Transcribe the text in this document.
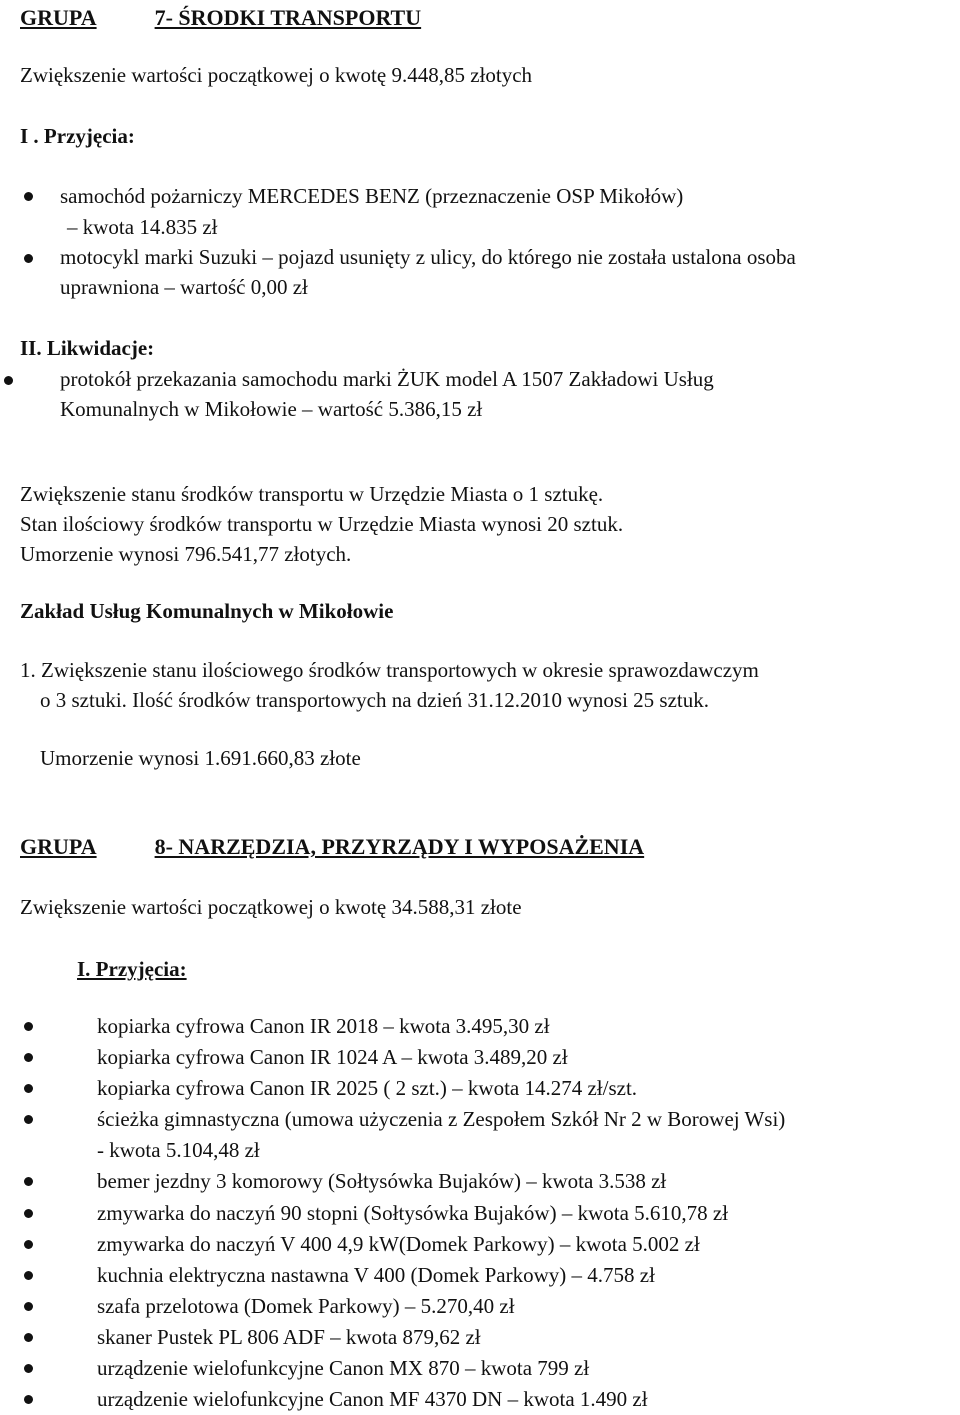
GRUPA	7- ŚRODKI TRANSPORTU
Zwiększenie wartości początkowej o kwotę 9.448,85 złotych
I . Przyjęcia:
samochód pożarniczy MERCEDES BENZ (przeznaczenie OSP Mikołów)
– kwota 14.835 zł
motocykl marki Suzuki – pojazd usunięty z ulicy, do którego nie została ustalona osoba
uprawniona – wartość 0,00 zł
II. Likwidacje:
protokół przekazania samochodu marki ŻUK model A 1507 Zakładowi Usług
Komunalnych w Mikołowie – wartość 5.386,15 zł
Zwiększenie stanu środków transportu w Urzędzie Miasta o 1 sztukę.
Stan ilościowy środków transportu w Urzędzie Miasta wynosi 20 sztuk.
Umorzenie wynosi 796.541,77 złotych.
Zakład Usług Komunalnych w Mikołowie
1. Zwiększenie stanu ilościowego środków transportowych w okresie sprawozdawczym
o 3 sztuki. Ilość środków transportowych na dzień 31.12.2010 wynosi 25 sztuk.
Umorzenie wynosi 1.691.660,83 złote
GRUPA	8- NARZĘDZIA, PRZYRZĄDY I WYPOSAŻENIA
Zwiększenie wartości początkowej o kwotę 34.588,31 złote
I. Przyjęcia:
kopiarka cyfrowa Canon IR 2018 – kwota 3.495,30 zł
kopiarka cyfrowa Canon IR 1024 A – kwota 3.489,20 zł
kopiarka cyfrowa Canon IR 2025 ( 2 szt.) – kwota 14.274 zł/szt.
ścieżka gimnastyczna (umowa użyczenia z Zespołem Szkół Nr 2 w Borowej Wsi)
- kwota 5.104,48 zł
bemer jezdny 3 komorowy (Sołtysówka Bujaków) – kwota 3.538 zł
zmywarka do naczyń 90 stopni (Sołtysówka Bujaków) – kwota 5.610,78 zł
zmywarka do naczyń V 400 4,9 kW(Domek Parkowy) – kwota 5.002 zł
kuchnia elektryczna nastawna V 400 (Domek Parkowy) – 4.758 zł
szafa przelotowa (Domek Parkowy) – 5.270,40 zł
skaner Pustek PL 806 ADF – kwota 879,62 zł
urządzenie wielofunkcyjne Canon MX 870 – kwota 799 zł
urządzenie wielofunkcyjne Canon MF 4370 DN – kwota 1.490 zł
